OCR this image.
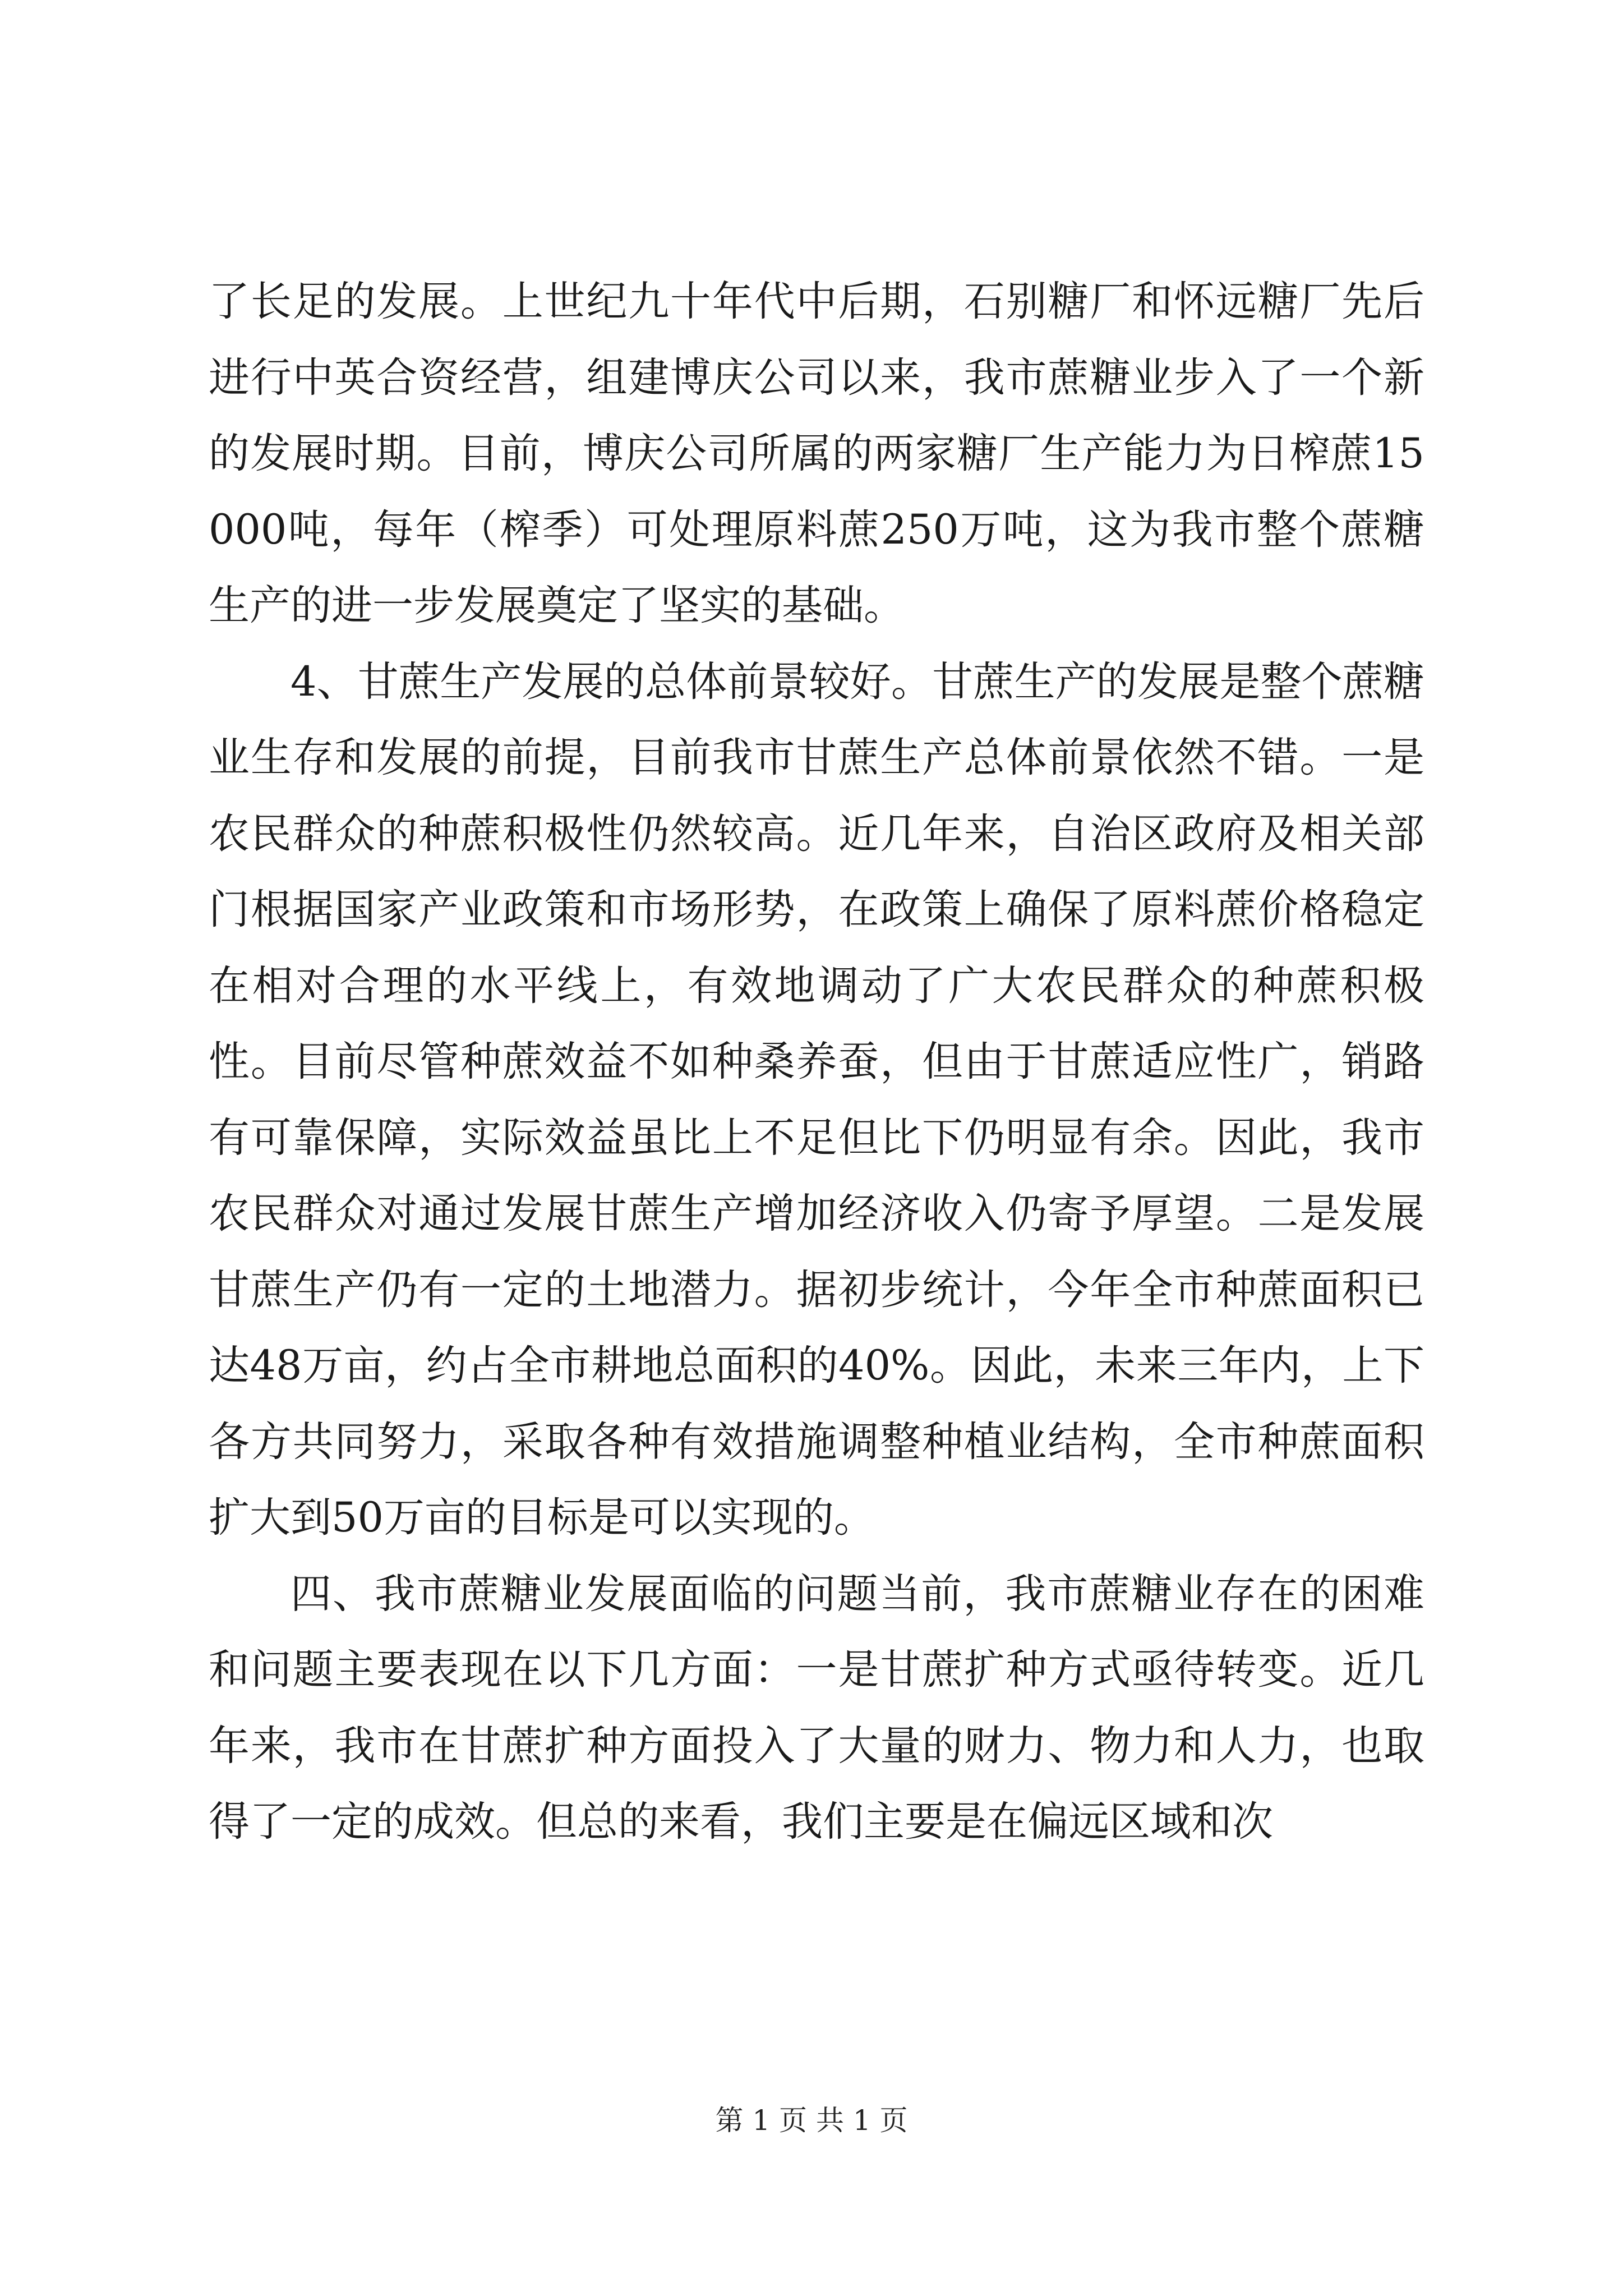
了长足的发展。上世纪九十年代中后期，石别糖厂和怀远糖厂先后进行中英合资经营，组建博庆公司以来，我市蔗糖业步入了一个新的发展时期。目前，博庆公司所属的两家糖厂生产能力为日榨蔗15000吨，每年（榨季）可处理原料蔗250万吨，这为我市整个蔗糖生产的进一步发展奠定了坚实的基础。

4、甘蔗生产发展的总体前景较好。甘蔗生产的发展是整个蔗糖业生存和发展的前提，目前我市甘蔗生产总体前景依然不错。一是农民群众的种蔗积极性仍然较高。近几年来，自治区政府及相关部门根据国家产业政策和市场形势，在政策上确保了原料蔗价格稳定在相对合理的水平线上，有效地调动了广大农民群众的种蔗积极性。目前尽管种蔗效益不如种桑养蚕，但由于甘蔗适应性广，销路有可靠保障，实际效益虽比上不足但比下仍明显有余。因此，我市农民群众对通过发展甘蔗生产增加经济收入仍寄予厚望。二是发展甘蔗生产仍有一定的土地潜力。据初步统计，今年全市种蔗面积已达48万亩，约占全市耕地总面积的40%。因此，未来三年内，上下各方共同努力，采取各种有效措施调整种植业结构，全市种蔗面积扩大到50万亩的目标是可以实现的。

四、我市蔗糖业发展面临的问题当前，我市蔗糖业存在的困难和问题主要表现在以下几方面：一是甘蔗扩种方式亟待转变。近几年来，我市在甘蔗扩种方面投入了大量的财力、物力和人力，也取得了一定的成效。但总的来看，我们主要是在偏远区域和次

第 1 页 共 1 页
